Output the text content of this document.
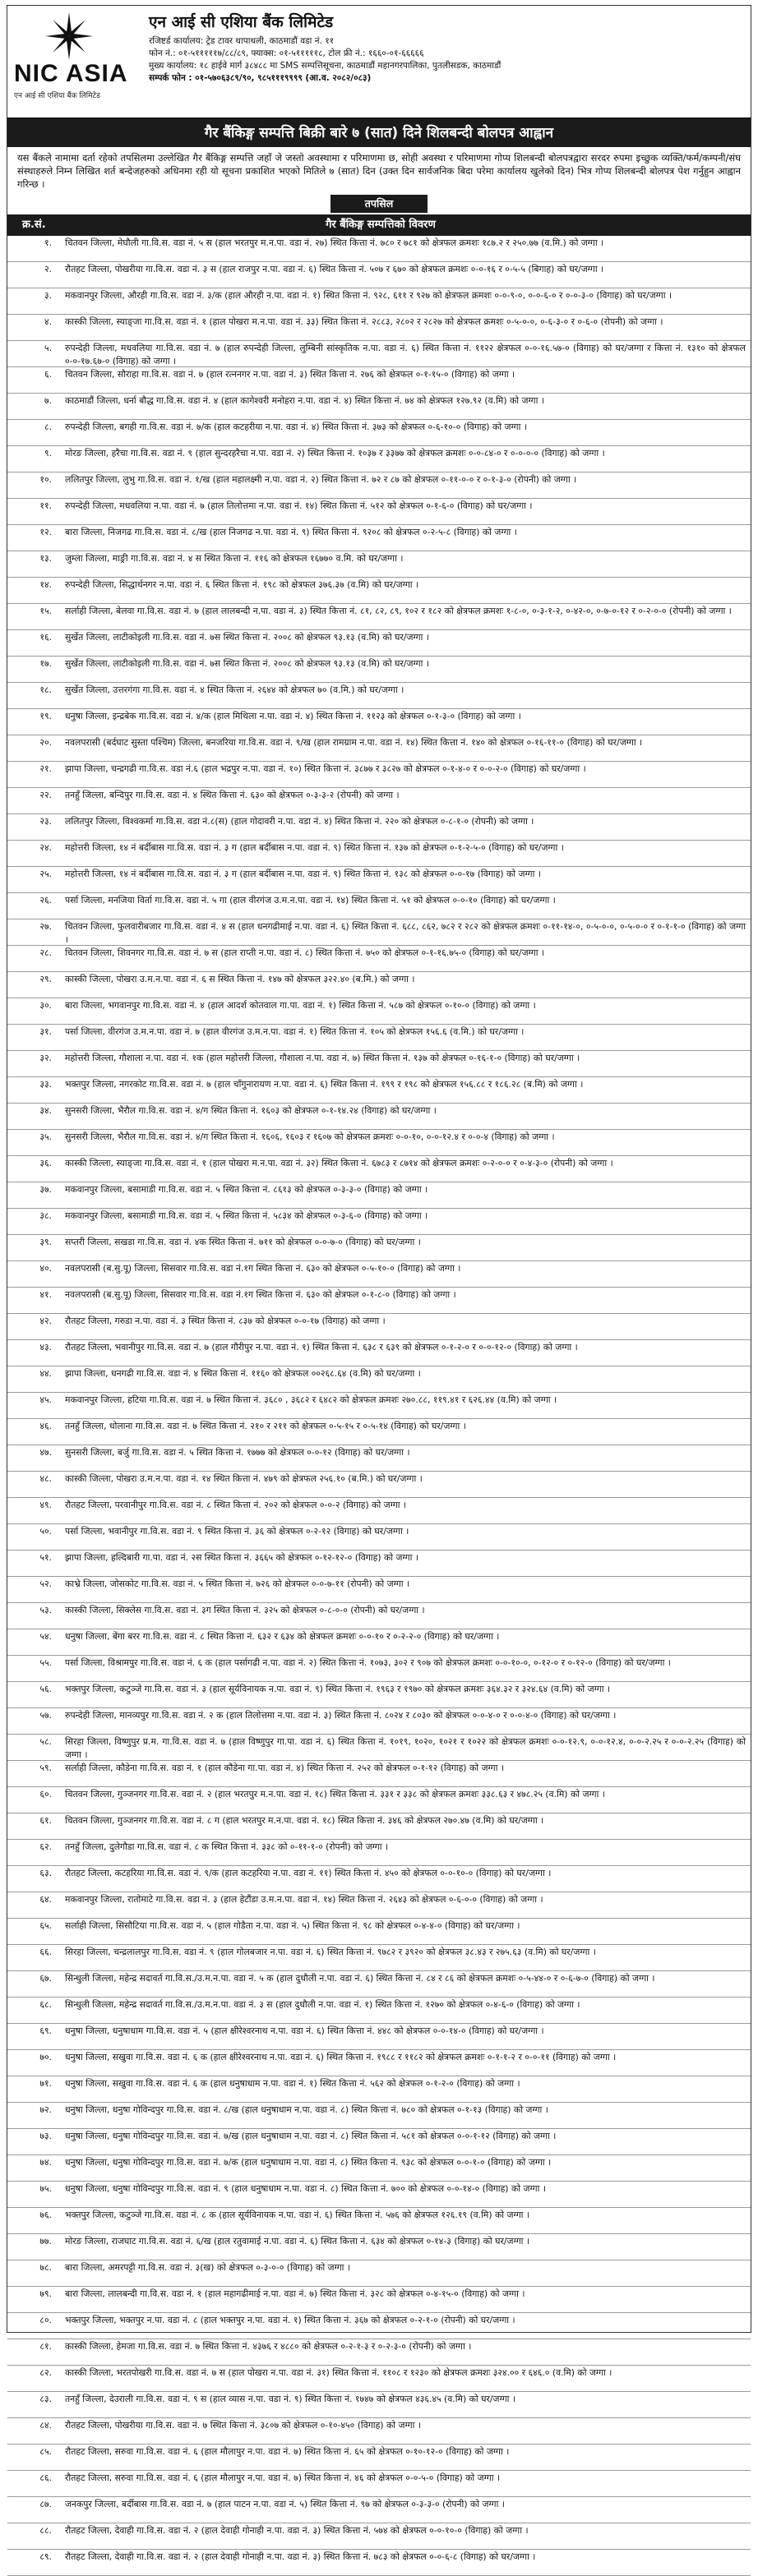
NIC ASIA
एन आई सी एशिया बैंक लिमिटेड
एन आई सी एशिया बैंक लिमिटेड
रजिष्टर्ड कार्यालय: ट्रेड टावर थापाथली, काठमाडौं वडा नं. ११
फोन नं.: ०१-५१११११७/८८/८९, फ्याक्स: ०१-५१११११८, टोल फ्री नं.: १६६०-०१-६६६६६
मुख्य कार्यालय: १८ हाईवे मार्ग ३८४८८ मा SMS सम्पत्तिसूचना, काठमाडौं महानगरपालिका, पुतलीसडक, काठमाडौं
सम्पर्क फोन : ०१-५७०६३८९/९०, ९८५१११९९९९ (आ.व. २०८२/०८३)
गैर बैंकिङ्ग सम्पत्ति बिक्री बारे ७ (सात) दिने शिलबन्दी बोलपत्र आह्वान
यस बैंकले नामामा दर्ता रहेको तपसिलमा उल्लेखित गैर बैंकिङ्ग सम्पत्ति जहाँ जे जस्तो अवस्थामा र परिमाणमा छ, सोही अवस्था र परिमाणमा गोप्य शिलबन्दी बोलपत्रद्वारा सरदर रुपमा इच्छुक व्यक्ति/फर्म/कम्पनी/संघ संस्थाहरुले निम्न लिखित शर्त बन्देजहरुको अधिनमा रही यो सूचना प्रकाशित भएको मितिले ७ (सात) दिन (उक्त दिन सार्वजनिक बिदा परेमा कार्यालय खुलेको दिन) भित्र गोप्य शिलबन्दी बोलपत्र पेश गर्नुहुन आह्वान गरिन्छ ।
तपसिल
क्र.सं.	गैर बैंकिङ्ग सम्पत्तिको विवरण
१.	चितवन जिल्ला, मेघौली गा.वि.स. वडा नं. ५ स (हाल भरतपुर म.न.पा. वडा नं. २७) स्थित कित्ता नं. ७८० र ७८१ को क्षेत्रफल क्रमशः १८७.२ र २५०.७७ (व.मि.) को जग्गा ।
२.	रौतहट जिल्ला, पोखरीया गा.वि.स. वडा नं. ३ स (हाल राजपुर न.पा. वडा नं. ६) स्थित कित्ता नं. ५०७ र ६७० को क्षेत्रफल क्रमशः ०-०-१६ र ०-५-५ (बिगाह) को घर/जग्गा ।
३.	मकवानपुर जिल्ला, औरही गा.वि.स. वडा नं. ३/क (हाल औरही न.पा. वडा नं. १) स्थित कित्ता नं. ९२८, ६११ र ९२७ को क्षेत्रफल क्रमशः ०-०-९-०, ०-०-६-० र ०-०-३-० (विगाह) को घर/जग्गा ।
४.	कास्की जिल्ला, स्याङ्जा गा.वि.स. वडा नं. १ (हाल पोखरा म.न.पा. वडा नं. ३३) स्थित कित्ता नं. २८८३, २८०२ र २८२७ को क्षेत्रफल क्रमशः ०-५-०-०, ०-६-३-० र ०-६-० (रोपनी) को जग्गा ।
५.	रुपन्देही जिल्ला, मधवलिया गा.वि.स. वडा नं. ७ (हाल रुपन्देही जिल्ला, लुम्बिनी सांस्कृतिक न.पा. वडा नं. ६) स्थित कित्ता नं. ११२२ क्षेत्रफल ०-०-१६.५७-० (विगाह) को घर/जग्गा र कित्ता नं. १३१० को क्षेत्रफल ०-०-१७.६७-० (विगाह) को जग्गा ।
६.	चितवन जिल्ला, सौराहा गा.वि.स. वडा नं. ७ (हाल रत्ननगर न.पा. वडा नं. ३) स्थित कित्ता नं. २७६ को क्षेत्रफल ०-१-१५-० (विगाह) को जग्गा ।
७.	काठमाडौं जिल्ला, धर्ना बौद्ध गा.वि.स. वडा नं. ४ (हाल कागेश्वरी मनोहरा न.पा. वडा नं. ४) स्थित कित्ता नं. ७४ को क्षेत्रफल १२७.९२ (व.मि) को जग्गा ।
८.	रुपन्देही जिल्ला, बगही गा.वि.स. वडा नं. ७/क (हाल कटहरीया न.पा. वडा नं. ४) स्थित कित्ता नं. ३७३ को क्षेत्रफल ०-६-१०-० (विगाह) को जग्गा ।
९.	मोरङ जिल्ला, हरैचा गा.वि.स. वडा नं. ९ (हाल सुन्दरहरैचा न.पा. वडा नं. २) स्थित कित्ता नं. १०३७ र ३३७७ को क्षेत्रफल क्रमशः ०-०-८४-० र ०-०-०-० (विगाह) को जग्गा ।
१०.	ललितपुर जिल्ला, लुभु गा.वि.स. वडा नं. १/ख (हाल महालक्ष्मी न.पा. वडा नं. २) स्थित कित्ता नं. ७२ र ८७ को क्षेत्रफल ०-११-०-० र ०-१-३-० (रोपनी) को जग्गा ।
११.	रुपन्देही जिल्ला, मधवलिया न.पा. वडा नं. ७ (हाल तिलोत्तमा न.पा. वडा नं. १४) स्थित कित्ता नं. ५१२ को क्षेत्रफल ०-१-६-० (विगाह) को घर/जग्गा ।
१२.	बारा जिल्ला, निजगढ गा.वि.स. वडा नं. ८/ख (हाल निजगढ न.पा. वडा नं. ९) स्थित कित्ता नं. ९२०८ को क्षेत्रफल ०-२-५-८ (विगाह) को जग्गा ।
१३.	जुम्ला जिल्ला, माङ्री गा.वि.स. वडा नं. ४ स स्थित कित्ता नं. ११६ को क्षेत्रफल १६७७० व.मि. को घर/जग्गा ।
१४.	रुपन्देही जिल्ला, सिद्धार्थनगर न.पा. वडा नं. ६ स्थित कित्ता नं. १९८ को क्षेत्रफल ३७६.३७ (व.मि) को घर/जग्गा ।
१५.	सर्लाही जिल्ला, बेलवा गा.वि.स. वडा नं. ७ (हाल लालबन्दी न.पा. वडा नं. ३) स्थित कित्ता नं. ८१, ८२, ८९, १०२ र १८२ को क्षेत्रफल क्रमशः १-८-०, ०-३-१-२, ०-४२-०, ०-७-०-१२ र ०-२-०-० (रोपनी) को जग्गा ।
१६.	सुर्खेत जिल्ला, लाटीकोइली गा.वि.स. वडा नं. ७स स्थित कित्ता नं. २००८ को क्षेत्रफल ९३.१३ (व.मि) को घर/जग्गा ।
१७.	सुर्खेत जिल्ला, लाटीकोइली गा.वि.स. वडा नं. ७स स्थित कित्ता नं. २००८ को क्षेत्रफल ९३.१३ (व.मि) को घर/जग्गा ।
१८.	सुर्खेत जिल्ला, उत्तरगंगा गा.वि.स. वडा नं. ४ स्थित कित्ता नं. २६४४ को क्षेत्रफल ७० (व.मि.) को घर/जग्गा ।
१९.	धनुषा जिल्ला, इन्द्रबेक गा.वि.स. वडा नं. ४/क (हाल मिथिला न.पा. वडा नं. ४) स्थित कित्ता नं. ११२३ को क्षेत्रफल ०-१-३-० (विगाह) को जग्गा ।
२०.	नवलपरासी (बर्दघाट सुस्ता पश्चिम) जिल्ला, बनजरिया गा.वि.स. वडा नं. ९/ख (हाल रामग्राम न.पा. वडा नं. १४) स्थित कित्ता नं. १४० को क्षेत्रफल ०-१६-११-० (विगाह) को घर/जग्गा ।
२१.	झापा जिल्ला, चन्द्रगढी गा.वि.स. वडा नं.६ (हाल भद्रपुर न.पा. वडा नं. १०) स्थित कित्ता नं. ३८७७ र ३८२७ को क्षेत्रफल ०-१-४-० र ०-०-२-० (विगाह) को घर/जग्गा ।
२२.	तनहुँ जिल्ला, बन्दिपुर गा.वि.स. वडा नं. ४ स्थित कित्ता नं. ६३० को क्षेत्रफल ०-३-३-२ (रोपनी) को जग्गा ।
२३.	ललितपुर जिल्ला, विश्वकर्मा गा.वि.स. वडा नं.८(स) (हाल गोदावरी न.पा. वडा नं. ४) स्थित कित्ता नं. २२० को क्षेत्रफल ०-८-१-० (रोपनी) को जग्गा ।
२४.	महोत्तरी जिल्ला, १४ नं बर्दीबास गा.वि.स. वडा नं. ३ ग (हाल बर्दीबास न.पा. वडा नं. ९) स्थित कित्ता नं. १३७ को क्षेत्रफल ०-१-२-५-० (विगाह) को घर/जग्गा ।
२५.	महोत्तरी जिल्ला, १४ नं बर्दीबास गा.वि.स. वडा नं. ३ ग (हाल बर्दीबास न.पा. वडा नं. ९) स्थित कित्ता नं. १३८ को क्षेत्रफल ०-०-१७ (विगाह) को जग्गा ।
२६.	पर्सा जिल्ला, मनजिया विर्ता गा.वि.स. वडा नं. ५ गा (हाल वीरगंज उ.म.न.पा. वडा नं. १४) स्थित कित्ता नं. ५१ को क्षेत्रफल ०-०-१० (विगाह) को घर/जग्गा ।
२७.	चितवन जिल्ला, फुलवारीबजार गा.वि.स. वडा नं. ४ स (हाल धनगढीमाई न.पा. वडा नं. ६) स्थित कित्ता नं. ६८८, ८६२, ७८२ र २८२ को क्षेत्रफल क्रमशः ०-११-१४-०, ०-५-०-०, ०-५-०-० र ०-१-१-० (विगाह) को जग्गा ।
२८.	चितवन जिल्ला, शिवनगर गा.वि.स. वडा नं. ७ स (हाल राप्ती न.पा. वडा नं. ८) स्थित कित्ता नं. ७५० को क्षेत्रफल ०-१-१६.७५-० (विगाह) को घर/जग्गा ।
२९.	कास्की जिल्ला, पोखरा उ.म.न.पा. वडा नं. ६ स स्थित कित्ता नं. १४७ को क्षेत्रफल ३२२.४० (ब.मि.) को जग्गा ।
३०.	बारा जिल्ला, भगवानपुर गा.वि.स. वडा नं. ४ (हाल आदर्श कोतवाल गा.पा. वडा नं. १) स्थित कित्ता नं. ५८७ को क्षेत्रफल ०-१०-० (विगाह) को जग्गा ।
३१.	पर्सा जिल्ला, वीरगंज उ.म.न.पा. वडा नं. ७ (हाल वीरगंज उ.म.न.पा. वडा नं. १) स्थित कित्ता नं. १०५ को क्षेत्रफल १५६.६ (व.मि.) को घर/जग्गा ।
३२.	महोत्तरी जिल्ला, गौशाला न.पा. वडा नं. १क (हाल महोत्तरी जिल्ला, गौशाला न.पा. वडा नं. ७) स्थित कित्ता नं. १३७ को क्षेत्रफल ०-१६-१-० (विगाह) को घर/जग्गा ।
३३.	भक्तपुर जिल्ला, नगरकोट गा.वि.स. वडा नं. ७ (हाल चाँगुनारायण न.पा. वडा नं. ६) स्थित कित्ता नं. १९९ र १९८ को क्षेत्रफल १५६.८८ र १८६.२८ (ब.मि) को जग्गा ।
३४.	सुनसरी जिल्ला, भैरौल गा.वि.स. वडा नं. ४/ग स्थित कित्ता नं. १६०३ को क्षेत्रफल ०-१-१४.२४ (विगाह) को घर/जग्गा ।
३५.	सुनसरी जिल्ला, भैरौल गा.वि.स. वडा नं. ४/ग स्थित कित्ता नं. १६०६, १६०३ र १६०७ को क्षेत्रफल क्रमशः ०-०-१०, ०-०-१२.४ र ०-०-४ (विगाह) को जग्गा ।
३६.	कास्की जिल्ला, स्याङ्जा गा.वि.स. वडा नं. १ (हाल पोखरा म.न.पा. वडा नं. ३२) स्थित कित्ता नं. ६७८३ र ८७१४ को क्षेत्रफल क्रमशः ०-२-०-० र ०-४-३-० (रोपनी) को जग्गा ।
३७.	मकवानपुर जिल्ला, बसामाडी गा.वि.स. वडा नं. ५ स्थित कित्ता नं. ८६१३ को क्षेत्रफल ०-३-३-० (विगाह) को जग्गा ।
३८.	मकवानपुर जिल्ला, बसामाडी गा.वि.स. वडा नं. ५ स्थित कित्ता नं. ५८३४ को क्षेत्रफल ०-३-६-० (विगाह) को जग्गा ।
३९.	सप्तरी जिल्ला, सखडा गा.वि.स. वडा नं. ४क स्थित कित्ता नं. ७११ को क्षेत्रफल ०-०-७-० (विगाह) को घर/जग्गा ।
४०.	नवलपरासी (ब.सु.पू) जिल्ला, सिसवार गा.वि.स. वडा नं.१ग स्थित कित्ता नं. ६३० को क्षेत्रफल ०-५-१०-० (विगाह) को जग्गा ।
४१.	नवलपरासी (ब.सु.पू) जिल्ला, सिसवार गा.वि.स. वडा नं.१ग स्थित कित्ता नं. ६३० को क्षेत्रफल ०-१-८-० (विगाह) को जग्गा ।
४२.	रौतहट जिल्ला, गरुडा न.पा. वडा नं. ३ स्थित कित्ता नं. ८३७ को क्षेत्रफल ०-०-१७ (विगाह) को जग्गा ।
४३.	रौतहट जिल्ला, भवानीपुर गा.वि.स. वडा नं. ७ (हाल गौरीपुर न.पा. वडा नं. १) स्थित कित्ता नं. ६३८ र ६३९ को क्षेत्रफल ०-१-२-० र ०-०-१२-० (विगाह) को जग्गा ।
४४.	झापा जिल्ला, धनगढी गा.वि.स. वडा नं. ४ स्थित कित्ता नं. ११६० को क्षेत्रफल ००२६८.६४ (व.मि) को घर/जग्गा ।
४५.	मकवानपुर जिल्ला, हटिया गा.वि.स. वडा नं. ७ स्थित कित्ता नं. ३६८० , ३६८२ र ६४८२ को क्षेत्रफल क्रमशः २७०.८८, ११९.४१ र ६२६.४४ (व.मि) को जग्गा ।
४६.	तनहुँ जिल्ला, धोलाना गा.वि.स. वडा नं. ७ स्थित कित्ता नं. २१० र २११ को क्षेत्रफल ०-५-१५ र ०-५-१४ (विगाह) को घर/जग्गा ।
४७.	सुनसरी जिल्ला, बर्जु गा.वि.स. वडा नं. ५ स्थित कित्ता नं. १७७७ को क्षेत्रफल ०-०-१२ (विगाह) को घर/जग्गा ।
४८.	कास्की जिल्ला, पोखरा उ.म.न.पा. वडा नं. १४ स्थित कित्ता नं. ४७९ को क्षेत्रफल २५६.१० (ब.मि.) को घर/जग्गा ।
४९.	रौतहट जिल्ला, परवानीपुर गा.वि.स. वडा नं. ८ स्थित कित्ता नं. २०२ को क्षेत्रफल ०-०-२ (विगाह) को जग्गा ।
५०.	पर्सा जिल्ला, भवानीपुर गा.वि.स. वडा नं. ९ स्थित कित्ता नं. ३६ को क्षेत्रफल ०-२-१२ (विगाह) को घर/जग्गा ।
५१.	झापा जिल्ला, हल्दिबारी गा.पा. वडा नं. २स स्थित कित्ता नं. ३६६५ को क्षेत्रफल ०-१२-१२-० (विगाह) को जग्गा ।
५२.	काभ्रे जिल्ला, जोसकोट गा.वि.स. वडा नं. ५ स्थित कित्ता नं. ७२६ को क्षेत्रफल ०-०-७-११ (रोपनी) को जग्गा ।
५३.	कास्की जिल्ला, सिक्लेस गा.वि.स. वडा नं. ३ग स्थित कित्ता नं. ३२५ को क्षेत्रफल ०-८-०-० (रोपनी) को घर/जग्गा ।
५४.	धनुषा जिल्ला, बेंगा बरर गा.वि.स. वडा नं. ८ स्थित कित्ता नं. ६३२ र ६३४ को क्षेत्रफल क्रमशः ०-०-१० र ०-२-२-० (विगाह) को घर/जग्गा ।
५५.	पर्सा जिल्ला, विश्रामपुर गा.वि.स. वडा नं. ६ क (हाल पर्सागढी न.पा. वडा नं. २) स्थित कित्ता नं. १०७३, ३०२ र ९०७ को क्षेत्रफल क्रमशः ०-०-१०-०, ०-१२-० र ०-१२-० (विगाह) को घर/जग्गा ।
५६.	भक्तपुर जिल्ला, कटुञ्जे गा.वि.स. वडा नं. ३ (हाल सूर्यविनायक न.पा. वडा नं. ९) स्थित कित्ता नं. १९६३ र १९७० को क्षेत्रफल क्रमशः ३६४.३२ र ३२४.६४ (व.मि) को जग्गा ।
५७.	रुपन्देही जिल्ला, मानव्यपुर गा.वि.स. वडा नं. २ क (हाल तिलोत्तमा न.पा. वडा नं. ३) स्थित कित्ता नं. ८०२४ र ८०३० को क्षेत्रफल ०-०-४-० र ०-०-४-० (विगाह) को घर/जग्गा ।
५८.	सिरहा जिल्ला, विष्णुपुर प्र.म. गा.वि.स. वडा नं. ७ (हाल विष्णुपुर गा.पा. वडा नं. ६) स्थित कित्ता नं. १०१९, १०२०, १०२१ र १०२२ को क्षेत्रफल क्रमशः ०-०-१२.९, ०-०-१२.४, ०-०-२.२५ र ०-०-२.२५ (विगाह) को जग्गा ।
५९.	सर्लाही जिल्ला, कौडेना गा.वि.स. वडा नं. १ (हाल कौडेना गा.पा. वडा नं. ४) स्थित कित्ता नं. २५२ को क्षेत्रफल ०-१-१२ (विगाह) को जग्गा ।
६०.	चितवन जिल्ला, गुञ्जनगर गा.वि.स. वडा नं. २ (हाल भरतपुर म.न.पा. वडा नं. १८) स्थित कित्ता नं. ३३१ र ३३८ को क्षेत्रफल क्रमशः ३३८.६३ र ४७८.२५ (व.मि) को जग्गा ।
६१.	चितवन जिल्ला, गुञ्जनगर गा.वि.स. वडा नं. ८ ग (हाल भरतपुर म.न.पा. वडा नं. १८) स्थित कित्ता नं. ३४६ को क्षेत्रफल २७०.४७ (व.मि) को घर/जग्गा ।
६२.	तनहुँ जिल्ला, दुलेगौडा गा.वि.स. वडा नं. ८ क स्थित कित्ता नं. ३३८ को ०-११-१-० (रोपनी) को जग्गा ।
६३.	रौतहट जिल्ला, कटहरिया गा.वि.स. वडा नं. ९/क (हाल कटहरिया न.पा. वडा नं. ११) स्थित कित्ता नं. ४५० को क्षेत्रफल ०-०-१०-० (विगाह) को घर/जग्गा ।
६४.	मकवानपुर जिल्ला, रातोमाटे गा.वि.स. वडा नं. ३ (हाल हेटौंडा उ.म.न.पा. वडा नं. १४) स्थित कित्ता नं. २६४३ को क्षेत्रफल ०-६-०-० (विगाह) को जग्गा ।
६५.	सर्लाही जिल्ला, सिसौटिया गा.वि.स. वडा नं. ५ (हाल गोडैता न.पा. वडा नं. ५) स्थित कित्ता नं. ९८ को क्षेत्रफल ०-४-४-० (विगाह) को घर/जग्गा ।
६६.	सिरहा जिल्ला, चन्द्रलालपुर गा.वि.स. वडा नं. ९ (हाल गोलबजार न.पा. वडा नं. ६) स्थित कित्ता नं. ९७८२ र ३९२० को क्षेत्रफल ३८.४३ र २७५.६३ (व.मि) को घर/जग्गा ।
६७.	सिन्धुली जिल्ला, महेन्द्र सदावर्त गा.वि.स./उ.म.न.पा. वडा नं. ५ क (हाल दुधौली न.पा. वडा नं. ६) स्थित कित्ता नं. ८४ र ८६ को क्षेत्रफल क्रमशः ०-५-४४-० र ०-६-७-० (विगाह) को जग्गा ।
६८.	सिन्धुली जिल्ला, महेन्द्र सदावर्त गा.वि.स./उ.म.न.पा. वडा नं. ३ स (हाल दुधौली न.पा. वडा नं. १) स्थित कित्ता नं. १२७० को क्षेत्रफल ०-४-६-० (विगाह) को जग्गा ।
६९.	धनुषा जिल्ला, धनुषाधाम गा.वि.स. वडा नं. ५ (हाल क्षीरेश्वरनाथ न.पा. वडा नं. ६) स्थित कित्ता नं. ४४८ को क्षेत्रफल ०-०-१४-० (विगाह) को घर/जग्गा ।
७०.	धनुषा जिल्ला, सखुवा गा.वि.स. वडा नं. ६ क (हाल क्षीरेश्वरनाथ न.पा. वडा नं. ६) स्थित कित्ता नं. १९८८ र ११८२ को क्षेत्रफल क्रमशः ०-१-१-२ र ०-०-११ (विगाह) को जग्गा ।
७१.	धनुषा जिल्ला, सखुवा गा.वि.स. वडा नं. ६ क (हाल धनुषाधाम न.पा. वडा नं. १) स्थित कित्ता नं. ५६२ को क्षेत्रफल ०-१-२-० (विगाह) को जग्गा ।
७२.	धनुषा जिल्ला, धनुषा गोविन्दपुर गा.वि.स. वडा नं. ८/ख (हाल धनुषाधाम न.पा. वडा नं. ८) स्थित कित्ता नं. ७८० को क्षेत्रफल ०-१-१३ (विगाह) को जग्गा ।
७३.	धनुषा जिल्ला, धनुषा गोविन्दपुर गा.वि.स. वडा नं. ७/ख (हाल धनुषाधाम न.पा. वडा नं. ८) स्थित कित्ता नं. ५८१ को क्षेत्रफल ०-०-१-१२ (विगाह) को जग्गा ।
७४.	धनुषा जिल्ला, धनुषा गोविन्दपुर गा.वि.स. वडा नं. ७/क (हाल धनुषाधाम न.पा. वडा नं. ८) स्थित कित्ता नं. ९३८ को क्षेत्रफल ०-०-१-० (विगाह) को जग्गा ।
७५.	धनुषा जिल्ला, धनुषा गोविन्दपुर गा.वि.स. वडा नं. ९ (हाल धनुषाधाम न.पा. वडा नं. ८) स्थित कित्ता नं. ७०० को क्षेत्रफल ०-०-१४-० (विगाह) को जग्गा ।
७६.	भक्तपुर जिल्ला, कटुञ्जे गा.वि.स. वडा नं. ८ क (हाल सूर्यविनायक न.पा. वडा नं. ६) स्थित कित्ता नं. ५७६ को क्षेत्रफल १२६.१९ (व.मि) को जग्गा ।
७७.	मोरङ जिल्ला, राजघाट गा.वि.स. वडा नं. ६/ख (हाल रतुवामाई न.पा. वडा नं. ६) स्थित कित्ता नं. ६३४ को क्षेत्रफल ०-१४-३ (विगाह) को घर/जग्गा ।
७८.	बारा जिल्ला, अमरपट्टी गा.वि.स. वडा नं. ३(ख) को क्षेत्रफल ०-३-०-० (विगाह) को जग्गा ।
७९.	बारा जिल्ला, लालबन्दी गा.वि.स. वडा नं. १ (हाल महागढीमाई न.पा. वडा नं. ७) स्थित कित्ता नं. ३२८ को क्षेत्रफल ०-४-१५-० (विगाह) को जग्गा ।
८०.	भक्तपुर जिल्ला, भक्तपुर न.पा. वडा नं. ८ (हाल भक्तपुर न.पा. वडा नं. १) स्थित कित्ता नं. ३६७ को क्षेत्रफल ०-२-१-० (रोपनी) को घर/जग्गा ।
८१.	कास्की जिल्ला, हेमजा गा.वि.स. वडा नं. ७ स्थित कित्ता नं. ४३७६ र ४८८० को क्षेत्रफल ०-२-१-३ र ०-२-३-० (रोपनी) को जग्गा ।
८२.	कास्की जिल्ला, भरतपोखरी गा.वि.स. वडा नं. ७ स (हाल पोखरा न.पा. वडा नं. ३१) स्थित कित्ता नं. ११०८ र १२३० को क्षेत्रफल क्रमशः ३२४.०० र ६४६.० (व.मि) को जग्गा ।
८३.	तनहुँ जिल्ला, देउराली गा.वि.स. वडा नं. ९ स (हाल व्यास न.पा. वडा नं. ९) स्थित कित्ता नं. १७४७ को क्षेत्रफल ४३६.४५ (व.मि) को घर/जग्गा ।
८४.	रौतहट जिल्ला, पोखरीया गा.वि.स. वडा नं. ७ स्थित कित्ता नं. ३८०७ को क्षेत्रफल ०-१०-४५० (विगाह) को जग्गा ।
८५.	रौतहट जिल्ला, सरुवा गा.वि.स. वडा नं. ६ (हाल मौलापुर न.पा. वडा नं. ७) स्थित कित्ता नं. ६५ को क्षेत्रफल ०-१०-१२-० (विगाह) को जग्गा ।
८६.	रौतहट जिल्ला, सरुवा गा.वि.स. वडा नं. ६ (हाल मौलापुर न.पा. वडा नं. ७) स्थित कित्ता नं. ४६ को क्षेत्रफल ०-०-५-० (विगाह) को जग्गा ।
८७.	जनकपुर जिल्ला, बर्दीबास गा.वि.स. वडा नं. ७ (हाल पाटन न.पा. वडा नं. ५) स्थित कित्ता नं. ९७ को क्षेत्रफल ०-३-३-० (रोपनी) को जग्गा ।
८८.	रौतहट जिल्ला, देवाही गा.वि.स. वडा नं. २ (हाल देवाही गोनाही न.पा. वडा नं. ३) स्थित कित्ता नं. ५७४ को क्षेत्रफल ०-०-१०-० (विगाह) को जग्गा ।
८९.	रौतहट जिल्ला, देवाही गा.वि.स. वडा नं. २ (हाल देवाही गोनाही न.पा. वडा नं. ३) स्थित कित्ता नं. ७८३ को क्षेत्रफल ०-०-६-८ (विगाह) को घर/जग्गा ।
